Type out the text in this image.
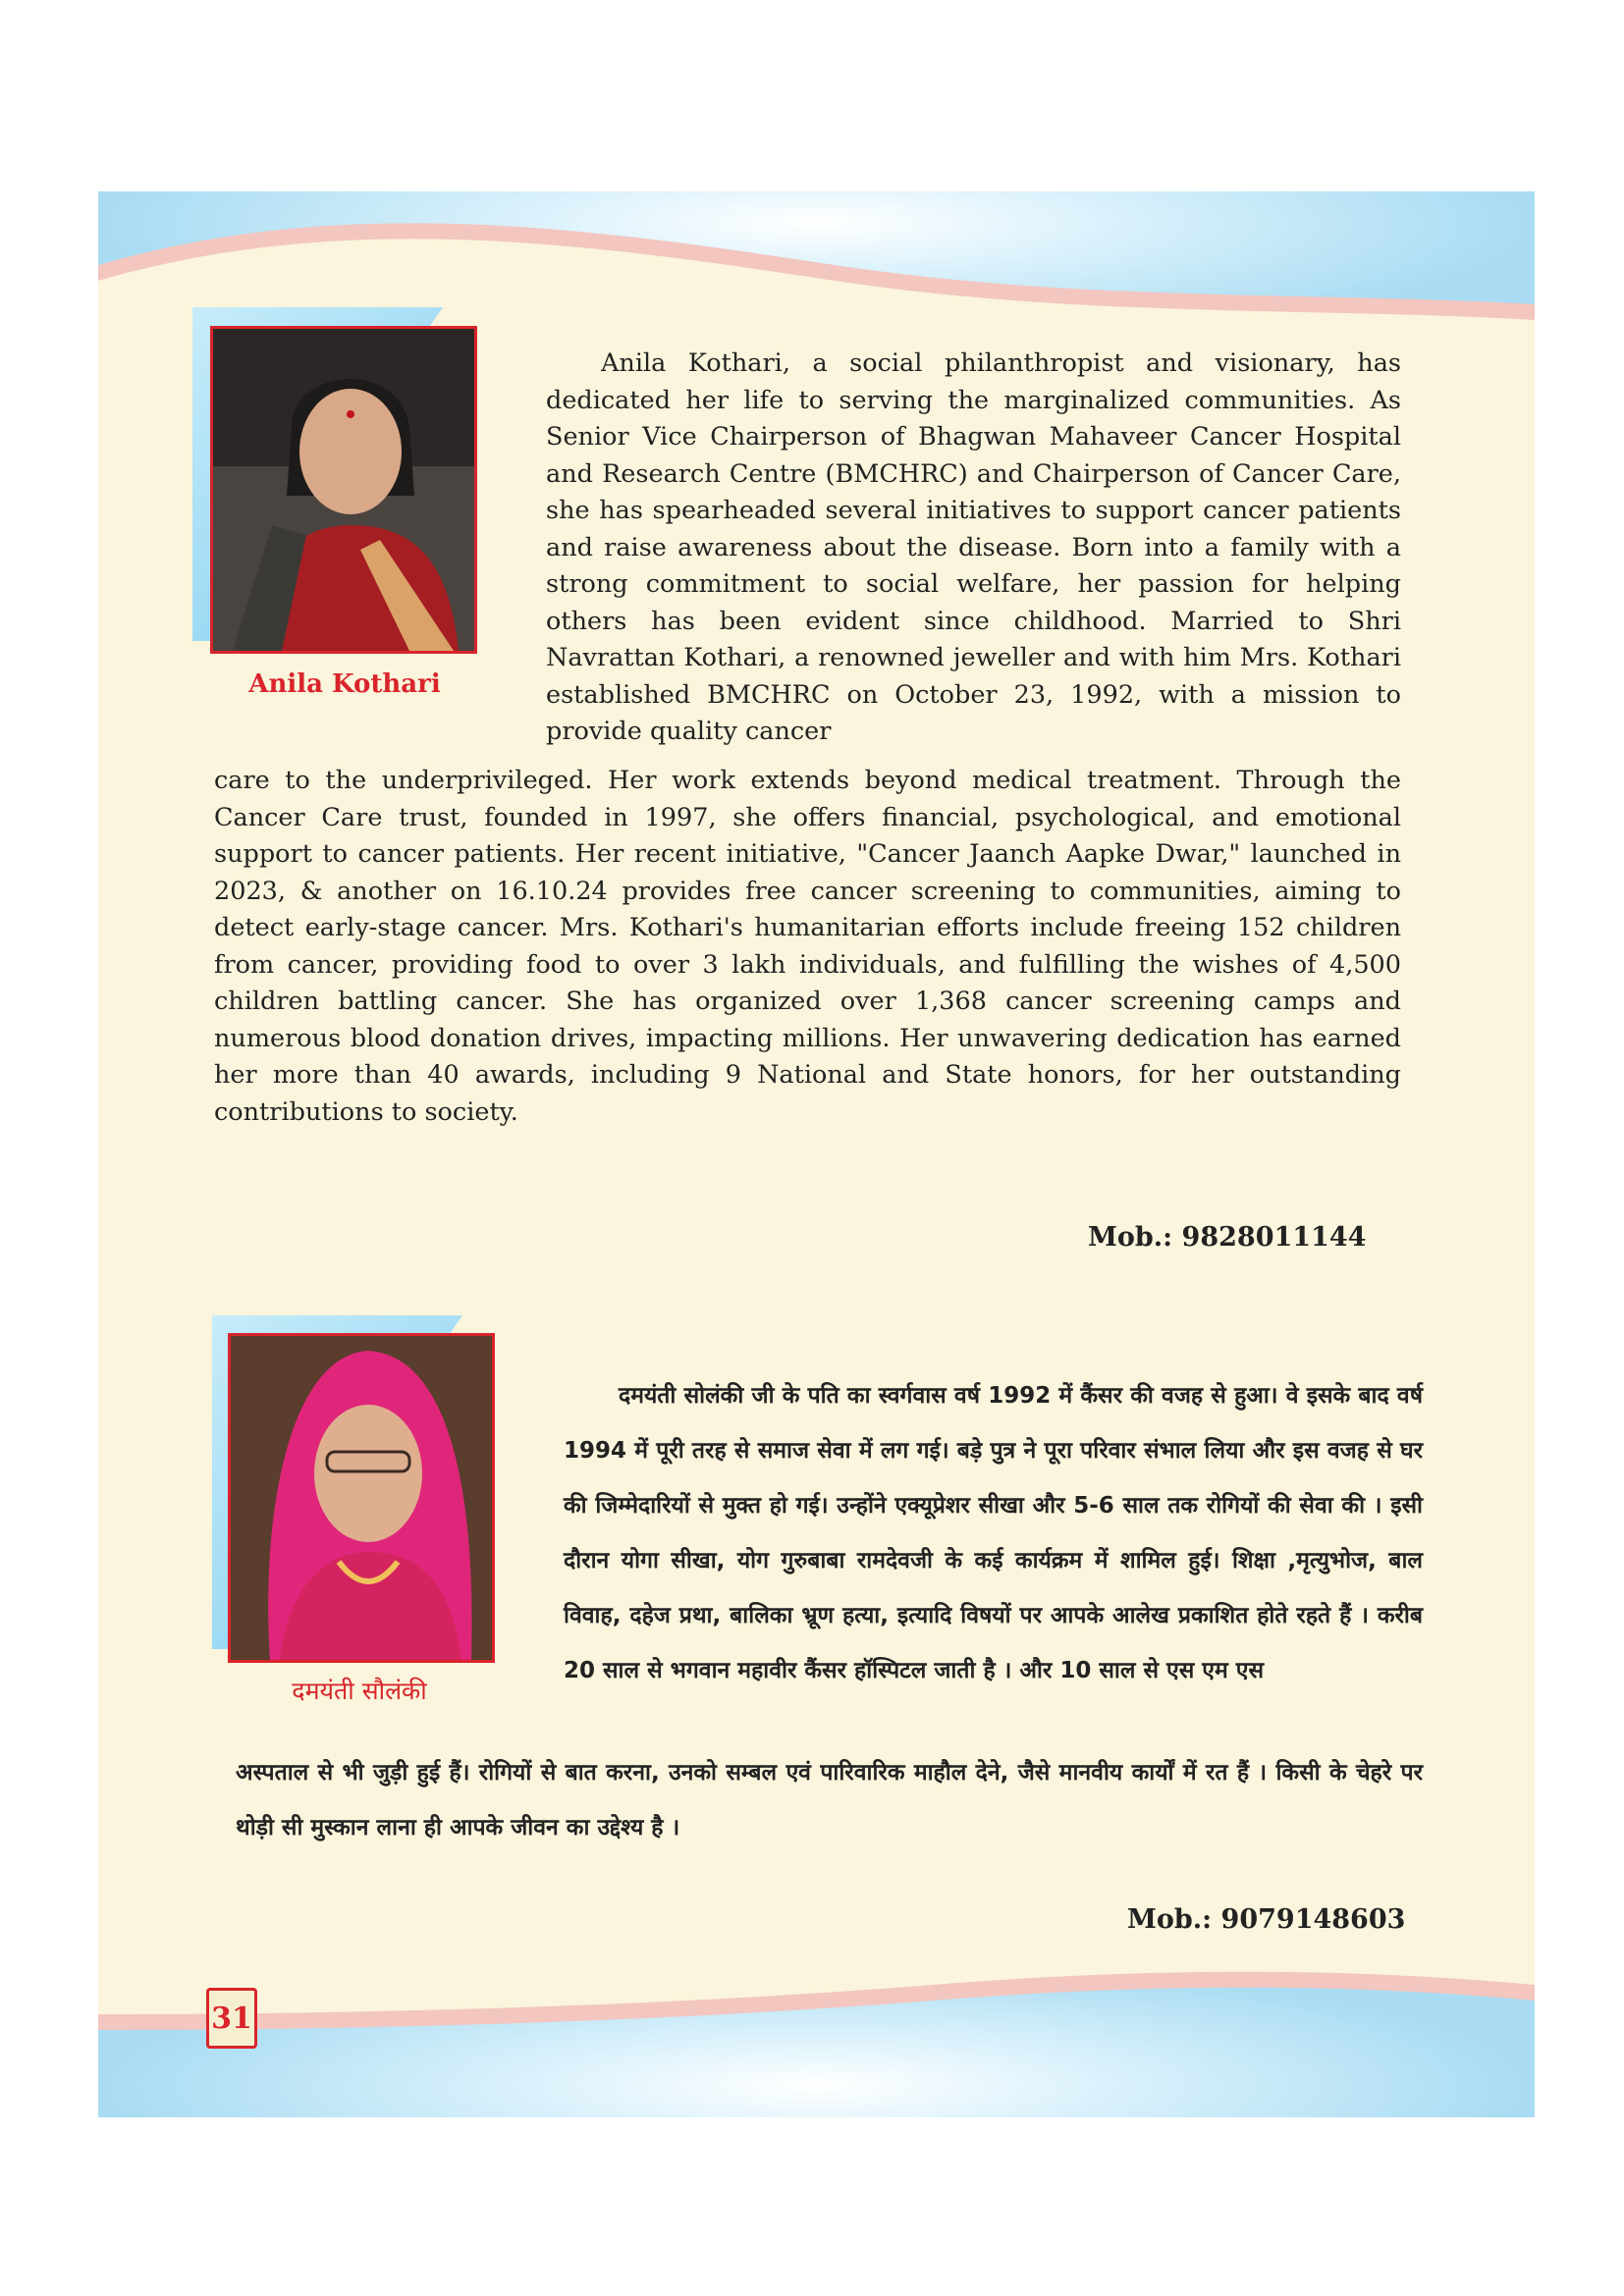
Anila Kothari

Anila Kothari, a social philanthropist and visionary, has dedicated her life to serving the marginalized communities. As Senior Vice Chairperson of Bhagwan Mahaveer Cancer Hospital and Research Centre (BMCHRC) and Chairperson of Cancer Care, she has spearheaded several initiatives to support cancer patients and raise awareness about the disease. Born into a family with a strong commitment to social welfare, her passion for helping others has been evident since childhood. Married to Shri Navrattan Kothari, a renowned jeweller and with him Mrs. Kothari established BMCHRC on October 23, 1992, with a mission to provide quality cancer

care to the underprivileged. Her work extends beyond medical treatment. Through the Cancer Care trust, founded in 1997, she offers financial, psychological, and emotional support to cancer patients. Her recent initiative, "Cancer Jaanch Aapke Dwar," launched in 2023, & another on 16.10.24 provides free cancer screening to communities, aiming to detect early-stage cancer. Mrs. Kothari's humanitarian efforts include freeing 152 children from cancer, providing food to over 3 lakh individuals, and fulfilling the wishes of 4,500 children battling cancer. She has organized over 1,368 cancer screening camps and numerous blood donation drives, impacting millions. Her unwavering dedication has earned her more than 40 awards, including 9 National and State honors, for her outstanding contributions to society.

Mob.: 9828011144
दमयंती सौलंकी

दमयंती सोलंकी जी के पति का स्वर्गवास वर्ष 1992 में कैंसर की वजह से हुआ। वे इसके बाद वर्ष 1994 में पूरी तरह से समाज सेवा में लग गई। बड़े पुत्र ने पूरा परिवार संभाल लिया और इस वजह से घर की जिम्मेदारियों से मुक्त हो गई। उन्होंने एक्यूप्रेशर सीखा और 5-6 साल तक रोगियों की सेवा की । इसी दौरान योगा सीखा, योग गुरुबाबा रामदेवजी के कई कार्यक्रम में शामिल हुई। शिक्षा ,मृत्युभोज, बाल विवाह, दहेज प्रथा, बालिका भ्रूण हत्या, इत्यादि विषयों पर आपके आलेख प्रकाशित होते रहते हैं । करीब 20 साल से भगवान महावीर कैंसर हॉस्पिटल जाती है । और 10 साल से एस एम एस

अस्पताल से भी जुड़ी हुई हैं। रोगियों से बात करना, उनको सम्बल एवं पारिवारिक माहौल देने, जैसे मानवीय कार्यों में रत हैं । किसी के चेहरे पर थोड़ी सी मुस्कान लाना ही आपके जीवन का उद्देश्य है ।

Mob.: 9079148603
31
